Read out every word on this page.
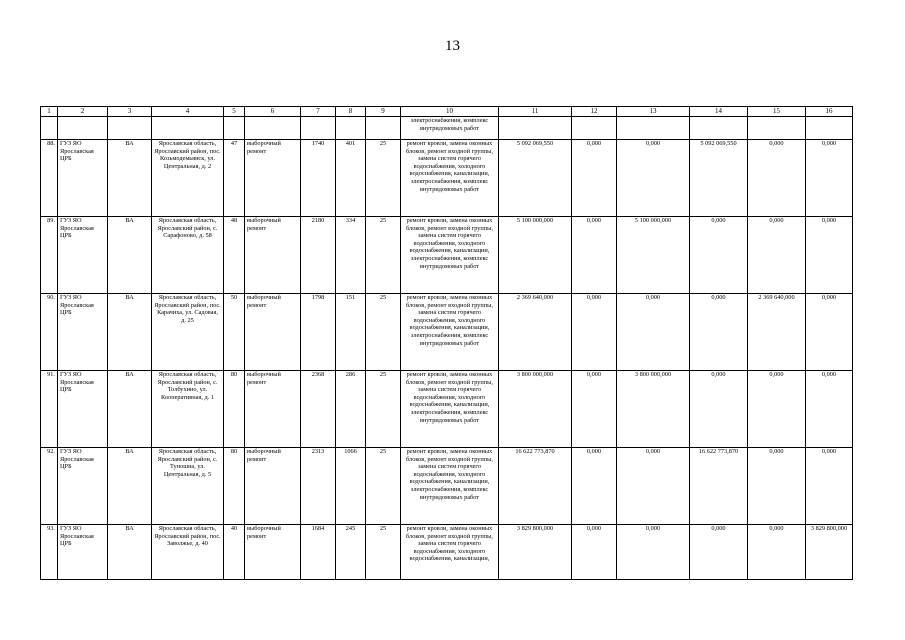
13
1	2	3	4	5	6	7	8	9	10	11	12	13	14	15	16
									электроснабжения, комплекс внутридомовых работ						
88.	ГУЗ ЯО Ярославская ЦРБ	ВА	Ярославская область, Ярославский район, пос. Козьмодемьянск, ул. Центральная, д. 2	47	выборочный ремонт	1740	401	25	ремонт кровли, замена оконных блоков, ремонт входной группы, замена систем горячего водоснабжения, холодного водоснабжения, канализации, электроснабжения, комплекс внутридомовых работ	5 092 069,550	0,000	0,000	5 092 069,550	0,000	0,000
89.	ГУЗ ЯО Ярославская ЦРБ	ВА	Ярославская область, Ярославский район, с. Сарафоново, д. 58	48	выборочный ремонт	2180	334	25	ремонт кровли, замена оконных блоков, ремонт входной группы, замена систем горячего водоснабжения, холодного водоснабжения, канализации, электроснабжения, комплекс внутридомовых работ	5 100 000,000	0,000	5 100 000,000	0,000	0,000	0,000
90.	ГУЗ ЯО Ярославская ЦРБ	ВА	Ярославская область, Ярославский район, пос. Карачиха, ул. Садовая, д. 25	50	выборочный ремонт	1798	151	25	ремонт кровли, замена оконных блоков, ремонт входной группы, замена систем горячего водоснабжения, холодного водоснабжения, канализации, электроснабжения, комплекс внутридомовых работ	2 369 640,000	0,000	0,000	0,000	2 369 640,000	0,000
91.	ГУЗ ЯО Ярославская ЦРБ	ВА	Ярославская область, Ярославский район, с. Толбухино, ул. Кооперативная, д. 1	80	выборочный ремонт	2368	286	25	ремонт кровли, замена оконных блоков, ремонт входной группы, замена систем горячего водоснабжения, холодного водоснабжения, канализации, электроснабжения, комплекс внутридомовых работ	3 800 000,000	0,000	3 800 000,000	0,000	0,000	0,000
92.	ГУЗ ЯО Ярославская ЦРБ	ВА	Ярославская область, Ярославский район, с. Туношна, ул. Центральная, д. 5	80	выборочный ремонт	2313	1066	25	ремонт кровли, замена оконных блоков, ремонт входной группы, замена систем горячего водоснабжения, холодного водоснабжения, канализации, электроснабжения, комплекс внутридомовых работ	16 622 773,870	0,000	0,000	16 622 773,870	0,000	0,000
93.	ГУЗ ЯО Ярославская ЦРБ	ВА	Ярославская область, Ярославский район, пос. Заволжье, д. 40	40	выборочный ремонт	1684	245	25	ремонт кровли, замена оконных блоков, ремонт входной группы, замена систем горячего водоснабжения, холодного водоснабжения, канализации,	3 829 800,000	0,000	0,000	0,000	0,000	3 829 800,000
